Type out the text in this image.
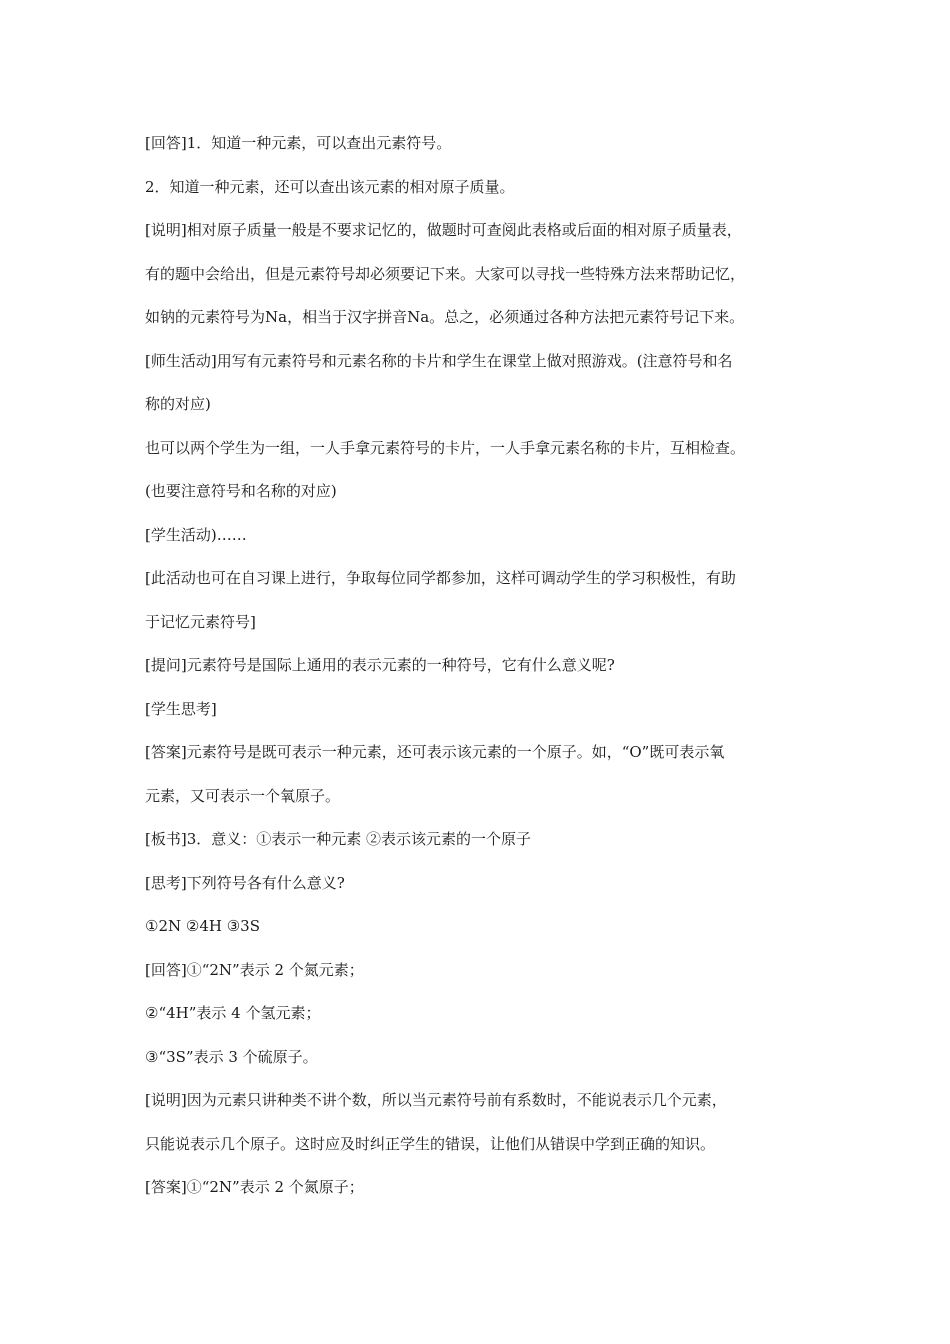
[回答]1．知道一种元素，可以查出元素符号。

2．知道一种元素，还可以查出该元素的相对原子质量。

[说明]相对原子质量一般是不要求记忆的，做题时可查阅此表格或后面的相对原子质量表，

有的题中会给出，但是元素符号却必须要记下来。大家可以寻找一些特殊方法来帮助记忆，

如钠的元素符号为Na，相当于汉字拼音Na。总之，必须通过各种方法把元素符号记下来。

[师生活动]用写有元素符号和元素名称的卡片和学生在课堂上做对照游戏。(注意符号和名

称的对应)

也可以两个学生为一组，一人手拿元素符号的卡片，一人手拿元素名称的卡片，互相检查。

(也要注意符号和名称的对应)

[学生活动)……

[此活动也可在自习课上进行，争取每位同学都参加，这样可调动学生的学习积极性，有助

于记忆元素符号]

[提问]元素符号是国际上通用的表示元素的一种符号，它有什么意义呢?

[学生思考]

[答案]元素符号是既可表示一种元素，还可表示该元素的一个原子。如，“O”既可表示氧

元素，又可表示一个氧原子。

[板书]3．意义：①表示一种元素 ②表示该元素的一个原子

[思考]下列符号各有什么意义?

①2N ②4H ③3S

[回答]①“2N”表示 2 个氮元素；

②“4H”表示 4 个氢元素；

③“3S”表示 3 个硫原子。

[说明]因为元素只讲种类不讲个数，所以当元素符号前有系数时，不能说表示几个元素，

只能说表示几个原子。这时应及时纠正学生的错误，让他们从错误中学到正确的知识。

[答案]①“2N”表示 2 个氮原子；
